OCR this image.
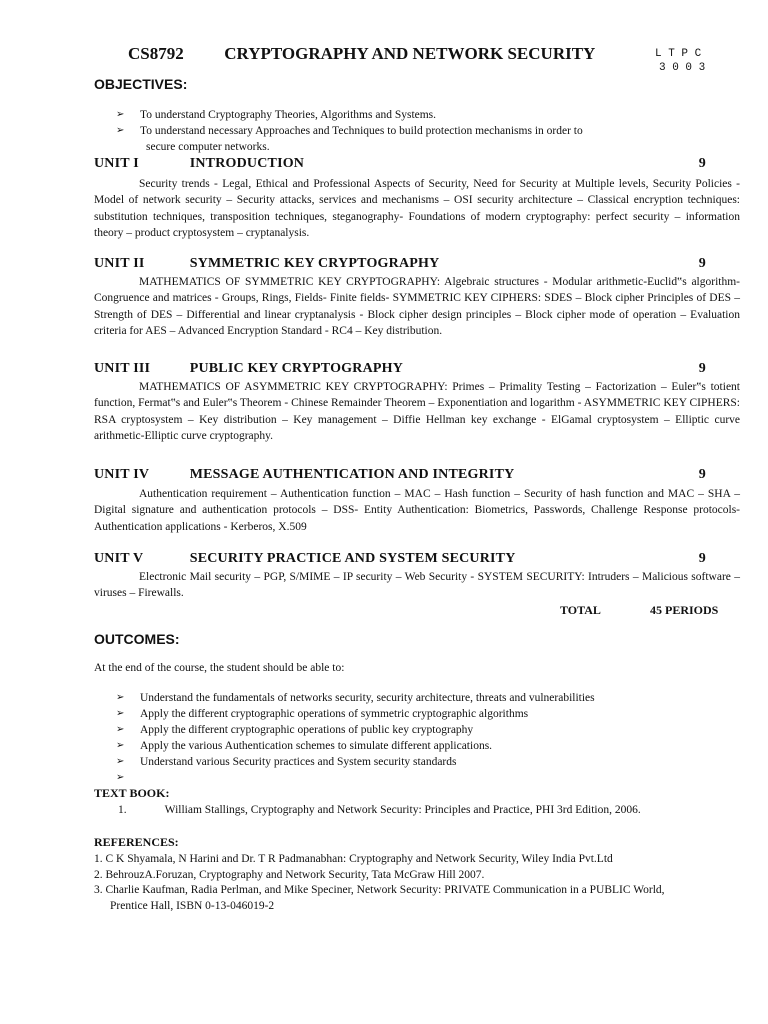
CS8792 CRYPTOGRAPHY AND NETWORK SECURITY	L T P C
3 0 0 3
OBJECTIVES:
➢ To understand Cryptography Theories, Algorithms and Systems.
➢ To understand necessary Approaches and Techniques to build protection mechanisms in order to
secure computer networks.
UNIT I	INTRODUCTION	9
Security trends - Legal, Ethical and Professional Aspects of Security, Need for Security at Multiple levels, Security Policies - Model of network security – Security attacks, services and mechanisms – OSI security architecture – Classical encryption techniques: substitution techniques, transposition techniques, steganography- Foundations of modern cryptography: perfect security – information theory – product cryptosystem – cryptanalysis.
UNIT II	SYMMETRIC KEY CRYPTOGRAPHY	9
MATHEMATICS OF SYMMETRIC KEY CRYPTOGRAPHY: Algebraic structures - Modular arithmetic-Euclid‟s algorithm- Congruence and matrices - Groups, Rings, Fields- Finite fields- SYMMETRIC KEY CIPHERS: SDES – Block cipher Principles of DES – Strength of DES – Differential and linear cryptanalysis - Block cipher design principles – Block cipher mode of operation – Evaluation criteria for AES – Advanced Encryption Standard - RC4 – Key distribution.
UNIT III	PUBLIC KEY CRYPTOGRAPHY	9
MATHEMATICS OF ASYMMETRIC KEY CRYPTOGRAPHY: Primes – Primality Testing – Factorization – Euler‟s totient function, Fermat‟s and Euler‟s Theorem - Chinese Remainder Theorem – Exponentiation and logarithm - ASYMMETRIC KEY CIPHERS: RSA cryptosystem – Key distribution – Key management – Diffie Hellman key exchange - ElGamal cryptosystem – Elliptic curve arithmetic-Elliptic curve cryptography.
UNIT IV	MESSAGE AUTHENTICATION AND INTEGRITY	9
Authentication requirement – Authentication function – MAC – Hash function – Security of hash function and MAC – SHA –Digital signature and authentication protocols – DSS- Entity Authentication: Biometrics, Passwords, Challenge Response protocols- Authentication applications - Kerberos, X.509
UNIT V	SECURITY PRACTICE AND SYSTEM SECURITY	9
Electronic Mail security – PGP, S/MIME – IP security – Web Security - SYSTEM SECURITY: Intruders – Malicious software – viruses – Firewalls.
TOTAL	45 PERIODS
OUTCOMES:
At the end of the course, the student should be able to:
➢ Understand the fundamentals of networks security, security architecture, threats and vulnerabilities
➢ Apply the different cryptographic operations of symmetric cryptographic algorithms
➢ Apply the different cryptographic operations of public key cryptography
➢ Apply the various Authentication schemes to simulate different applications.
➢ Understand various Security practices and System security standards
➢

TEXT BOOK:
1.	William Stallings, Cryptography and Network Security: Principles and Practice, PHI 3rd Edition, 2006.
REFERENCES:
1. C K Shyamala, N Harini and Dr. T R Padmanabhan: Cryptography and Network Security, Wiley India Pvt.Ltd
2. BehrouzA.Foruzan, Cryptography and Network Security, Tata McGraw Hill 2007.
3. Charlie Kaufman, Radia Perlman, and Mike Speciner, Network Security: PRIVATE Communication in a PUBLIC World,
Prentice Hall, ISBN 0-13-046019-2
